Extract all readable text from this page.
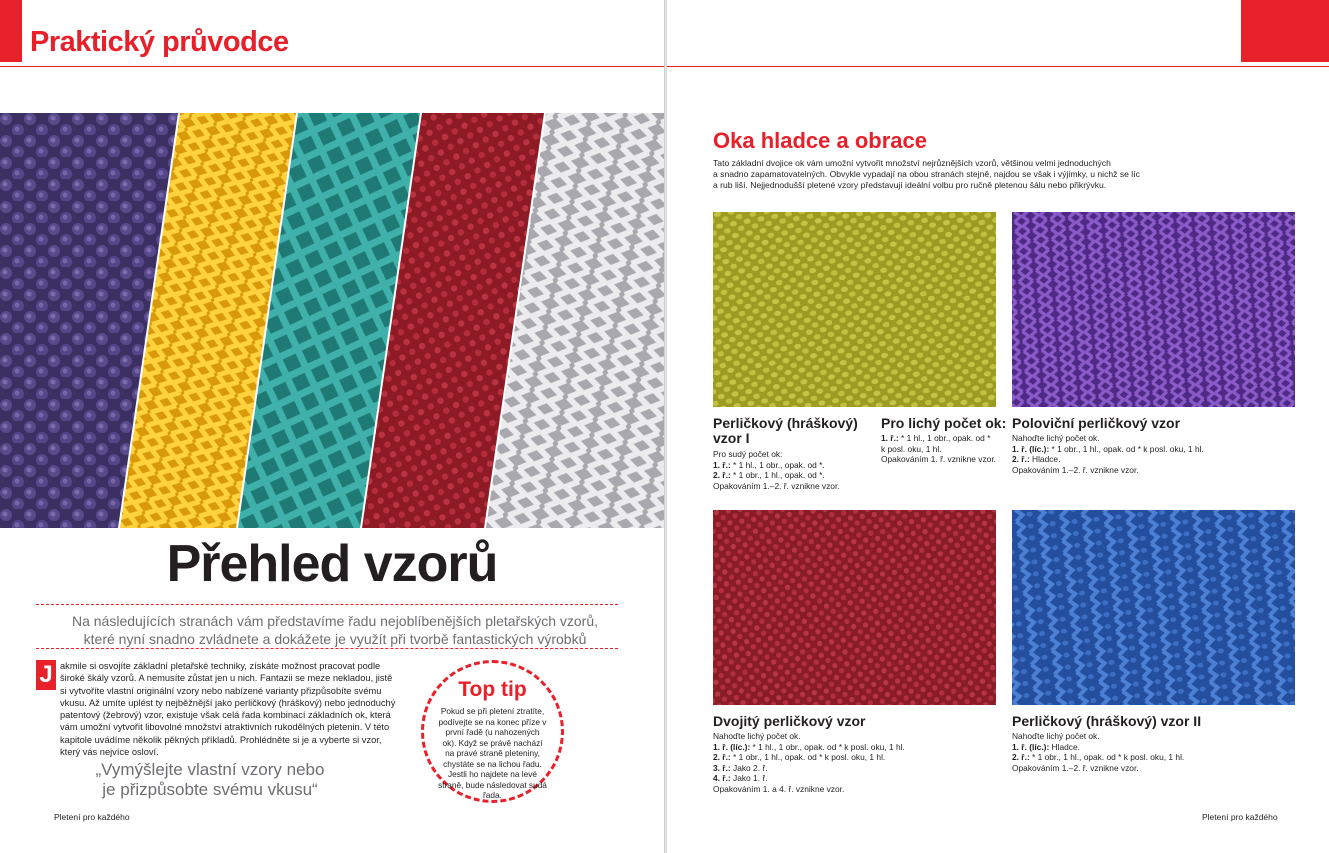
Praktický průvodce
Přehled vzorů
Na následujících stranách vám představíme řadu nejoblíbenějších pletařských vzorů,
které nyní snadno zvládnete a dokážete je využít při tvorbě fantastických výrobků
J akmile si osvojíte základní pletařské techniky, získáte možnost pracovat podle široké škály vzorů. A nemusíte zůstat jen u nich. Fantazii se meze nekladou, jistě si vytvoříte vlastní originální vzory nebo nabízené varianty přizpůsobíte svému vkusu. Až umíte uplést ty nejběžnější jako perličkový (hráškový) nebo jednoduchý patentový (žebrový) vzor, existuje však celá řada kombinací základních ok, která vám umožní vytvořit libovolné množství atraktivních rukodělných pletenin. V této kapitole uvádíme několik pěkných příkladů. Prohlédněte si je a vyberte si vzor, který vás nejvíce osloví.
„Vymýšlejte vlastní vzory nebo
je přizpůsobte svému vkusu“
Top tip
Pokud se při pletení ztratíte, podívejte se na konec příze v první řadě (u nahozených ok). Když se právě nachází na pravé straně pleteniny, chystáte se na lichou řadu. Jestli ho najdete na levé straně, bude následovat sudá řada.
Pletení pro každého
Oka hladce a obrace
Tato základní dvojice ok vám umožní vytvořit množství nejrůznějších vzorů, většinou velmi jednoduchých
a snadno zapamatovatelných. Obvykle vypadají na obou stranách stejně, najdou se však i výjimky, u nichž se líc
a rub liší. Nejjednodušší pletené vzory představují ideální volbu pro ručně pletenou šálu nebo přikrývku.
Perličkový (hráškový)
vzor I
Pro sudý počet ok:
1. ř.: * 1 hl., 1 obr., opak. od *.
2. ř.: * 1 obr., 1 hl., opak. od *.
Opakováním 1.–2. ř. vznikne vzor.
Pro lichý počet ok:
1. ř.: * 1 hl., 1 obr., opak. od *
k posl. oku, 1 hl.
Opakováním 1. ř. vznikne vzor.
Poloviční perličkový vzor
Nahoďte lichý počet ok.
1. ř. (líc.): * 1 obr., 1 hl., opak. od * k posl. oku, 1 hl.
2. ř.: Hladce.
Opakováním 1.–2. ř. vznikne vzor.
Dvojitý perličkový vzor
Nahoďte lichý počet ok.
1. ř. (líc.): * 1 hl., 1 obr., opak. od * k posl. oku, 1 hl.
2. ř.: * 1 obr., 1 hl., opak. od * k posl. oku, 1 hl.
3. ř.: Jako 2. ř.
4. ř.: Jako 1. ř.
Opakováním 1. a 4. ř. vznikne vzor.
Perličkový (hráškový) vzor II
Nahoďte lichý počet ok.
1. ř. (líc.): Hladce.
2. ř.: * 1 obr., 1 hl., opak. od * k posl. oku, 1 hl.
Opakováním 1.–2. ř. vznikne vzor.
Pletení pro každého
